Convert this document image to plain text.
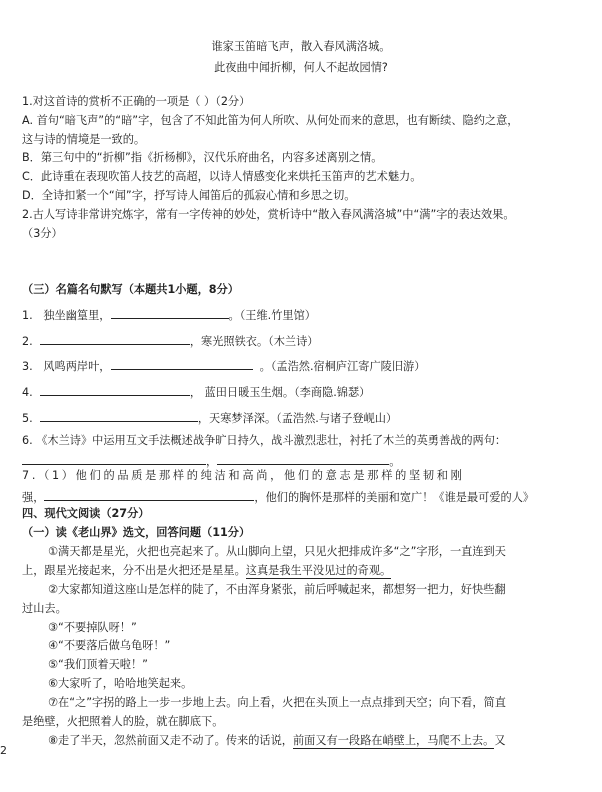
谁家玉笛暗飞声，散入春风满洛城。
此夜曲中闻折柳，何人不起故园情?
1.对这首诗的赏析不正确的一项是（ ）（2分）
A. 首句“暗飞声”的“暗”字，包含了不知此笛为何人所吹、从何处而来的意思，也有断续、隐约之意，
这与诗的情境是一致的。
B．第三句中的“折柳”指《折杨柳》，汉代乐府曲名，内容多述离别之情。
C．此诗重在表现吹笛人技艺的高超，以诗人情感变化来烘托玉笛声的艺术魅力。
D．全诗扣紧一个“闻”字，抒写诗人闻笛后的孤寂心情和乡思之切。
2.古人写诗非常讲究炼字，常有一字传神的妙处，赏析诗中“散入春风满洛城”中“满”字的表达效果。
（3分）
（三）名篇名句默写（本题共1小题，8分）
1. 独坐幽篁里，	。（王维.竹里馆）
2.	，寒光照铁衣。（木兰诗）
3. 风鸣两岸叶，	。（孟浩然.宿桐庐江寄广陵旧游）
4.	， 蓝田日暖玉生烟。（李商隐.锦瑟）
5.	，天寒梦泽深。（孟浩然.与诸子登岘山）
6. 《木兰诗》中运用互文手法概述战争旷日持久，战斗激烈悲壮，衬托了木兰的英勇善战的两句：
，	。
7.（1）他们的品质是那样的纯洁和高尚，他们的意志是那样的坚韧和刚
强，	，他们的胸怀是那样的美丽和宽广！《谁是最可爱的人》
四、现代文阅读（27分）
（一）读《老山界》选文，回答问题（11分）
①满天都是星光，火把也亮起来了。从山脚向上望，只见火把排成许多“之”字形，一直连到天
上，跟星光接起来，分不出是火把还是星星。这真是我生平没见过的奇观。
②大家都知道这座山是怎样的陡了，不由浑身紧张，前后呼喊起来，都想努一把力，好快些翻
过山去。
③“不要掉队呀！”
④“不要落后做乌龟呀！”
⑤“我们顶着天啦！”
⑥大家听了，哈哈地笑起来。
⑦在“之”字拐的路上一步一步地上去。向上看，火把在头顶上一点点排到天空；向下看，简直
是绝壁，火把照着人的脸，就在脚底下。
⑧走了半天，忽然前面又走不动了。传来的话说，前面又有一段路在峭壁上，马爬不上去。又
2
